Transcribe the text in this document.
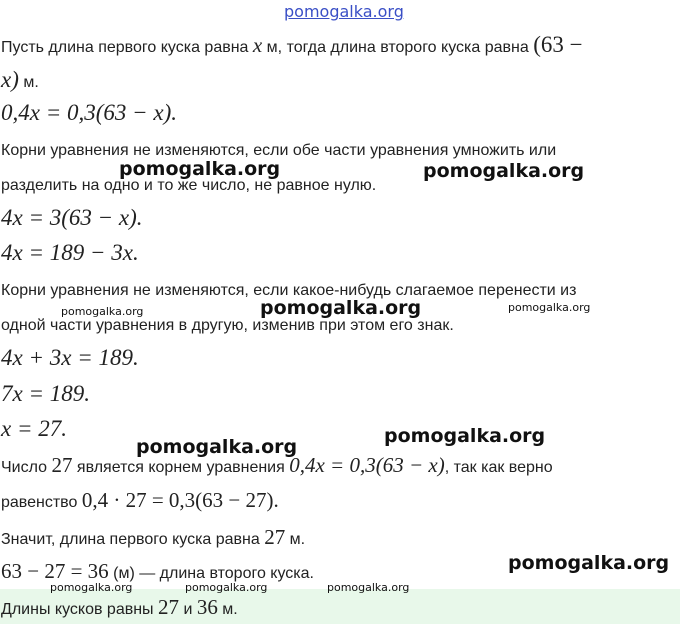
pomogalka.org
Пусть длина первого куска равна x м, тогда длина второго куска равна (63 −
x) м.
0,4x = 0,3(63 − x).
Корни уравнения не изменяются, если обе части уравнения умножить или
разделить на одно и то же число, не равное нулю.
4x = 3(63 − x).
4x = 189 − 3x.
Корни уравнения не изменяются, если какое-нибудь слагаемое перенести из
одной части уравнения в другую, изменив при этом его знак.
4x + 3x = 189.
7x = 189.
x = 27.
Число 27 является корнем уравнения 0,4x = 0,3(63 − x), так как верно
равенство 0,4 · 27 = 0,3(63 − 27).
Значит, длина первого куска равна 27 м.
63 − 27 = 36 (м) — длина второго куска.
Длины кусков равны 27 и 36 м.
pomogalka.org	pomogalka.org
pomogalka.org
pomogalka.org	pomogalka.org
pomogalka.org
pomogalka.org	pomogalka.org
pomogalka.org	pomogalka.org	pomogalka.org
